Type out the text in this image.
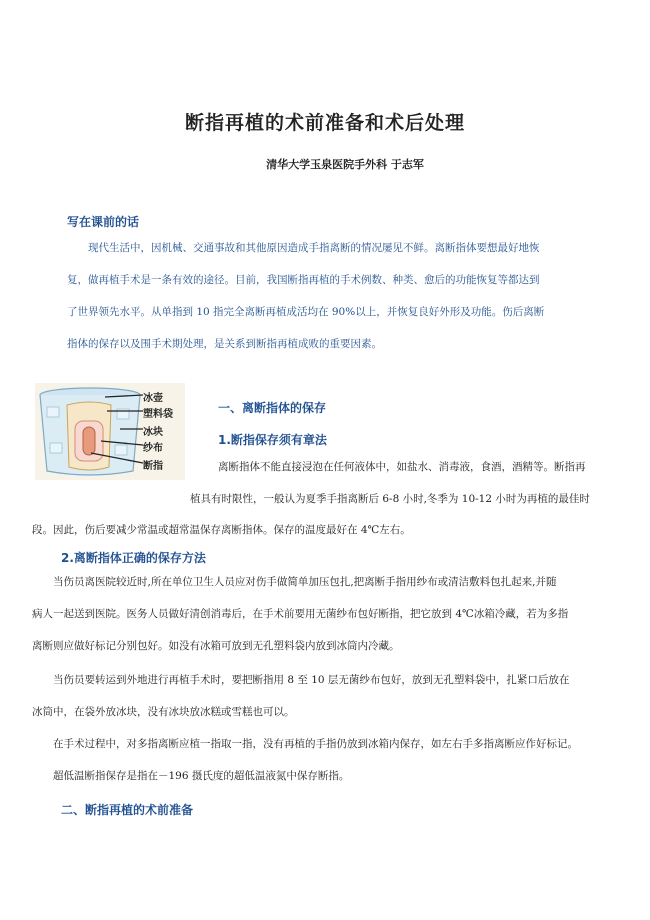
断指再植的术前准备和术后处理
清华大学玉泉医院手外科 于志军
写在课前的话

现代生活中，因机械、交通事故和其他原因造成手指离断的情况屡见不鲜。离断指体要想最好地恢

复，做再植手术是一条有效的途径。目前，我国断指再植的手术例数、种类、愈后的功能恢复等都达到

了世界领先水平。从单指到 10 指完全离断再植成活均在 90%以上，并恢复良好外形及功能。伤后离断

指体的保存以及围手术期处理，是关系到断指再植成败的重要因素。

冰壶
塑料袋
冰块
纱布
断指
一、离断指体的保存
1.断指保存须有章法
离断指体不能直接浸泡在任何液体中，如盐水、消毒液，食酒，酒精等。断指再
植具有时限性，一般认为夏季手指离断后 6-8 小时,冬季为 10-12 小时为再植的最佳时
段。因此，伤后要减少常温或超常温保存离断指体。保存的温度最好在 4℃左右。
2.离断指体正确的保存方法

当伤员离医院较近时,所在单位卫生人员应对伤手做简单加压包扎,把离断手指用纱布或清洁敷料包扎起来,并随

病人一起送到医院。医务人员做好清创消毒后，在手术前要用无菌纱布包好断指，把它放到 4℃冰箱冷藏，若为多指

离断则应做好标记分别包好。如没有冰箱可放到无孔塑料袋内放到冰筒内冷藏。

当伤员要转运到外地进行再植手术时，要把断指用 8 至 10 层无菌纱布包好，放到无孔塑料袋中，扎紧口后放在

冰筒中，在袋外放冰块，没有冰块放冰糕或雪糕也可以。

在手术过程中，对多指离断应植一指取一指，没有再植的手指仍放到冰箱内保存，如左右手多指离断应作好标记。

超低温断指保存是指在－196 摄氏度的超低温液氮中保存断指。

二、断指再植的术前准备
